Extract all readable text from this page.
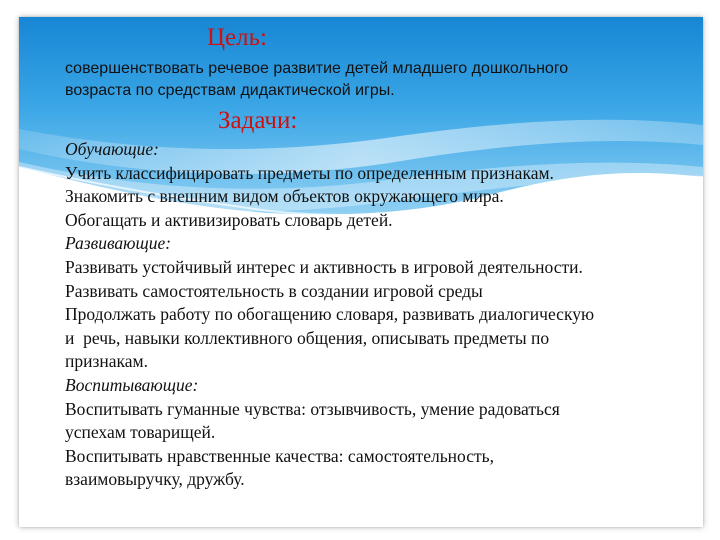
Цель:

совершенствовать речевое развитие детей младшего дошкольного
возраста по средствам дидактической игры.

Задачи:

Обучающие:

Учить классифицировать предметы по определенным признакам.

Знакомить с внешним видом объектов окружающего мира.

Обогащать и активизировать словарь детей.

Развивающие:

Развивать устойчивый интерес и активность в игровой деятельности.

Развивать самостоятельность в создании игровой среды

Продолжать работу по обогащению словаря, развивать диалогическую

и  речь, навыки коллективного общения, описывать предметы по

признакам.

Воспитывающие:

Воспитывать гуманные чувства: отзывчивость, умение радоваться

успехам товарищей.

Воспитывать нравственные качества: самостоятельность,

взаимовыручку, дружбу.
